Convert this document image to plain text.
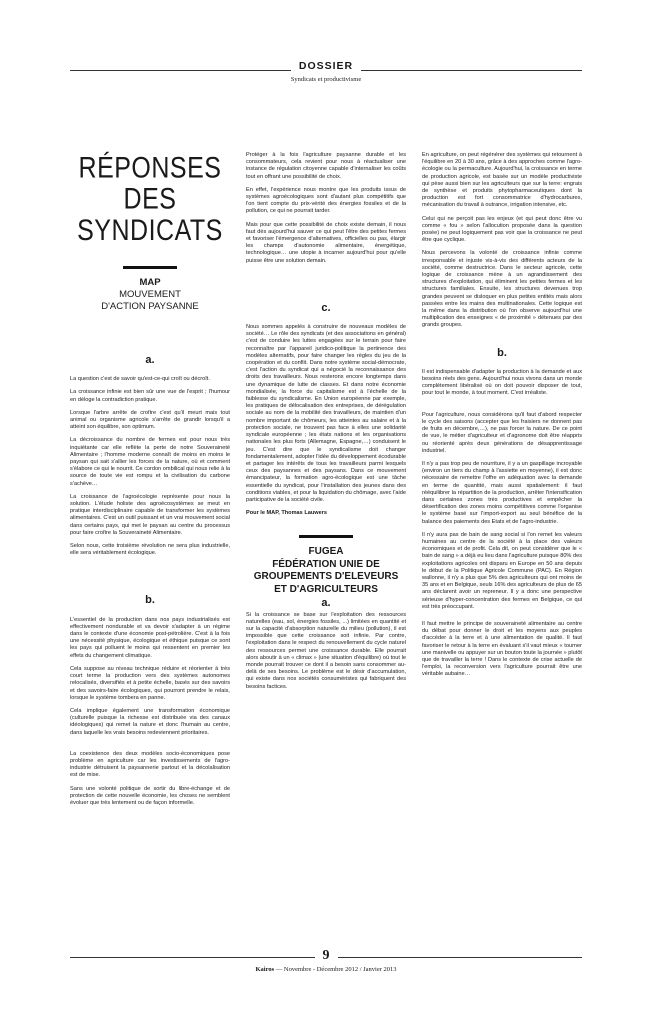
DOSSIER
Syndicats et productivisme
RÉPONSES
DES SYNDICATS
MAP
MOUVEMENT
D'ACTION PAYSANNE
a.

La question c'est de savoir qu'est-ce-qui croît ou décroît.

La croissance infinie est bien sûr une vue de l'esprit ; l'humour en déloge la contradiction pratique.

Lorsque l'arbre arrête de croître c'est qu'il meurt mais tout animal ou organisme agricole s'arrête de grandir lorsqu'il a atteint son équilibre, son optimum.

La décroissance du nombre de fermes est pour nous très inquiétante car elle reflète la perte de notre Souveraineté Alimentaire ; l'homme moderne connaît de moins en moins le paysan qui sait s'allier les forces de la nature, où et comment s'élabore ce qui le nourrit. Ce cordon ombilical qui nous relie à la source de toute vie est rompu et la civilisation du carbone s'achève…

La croissance de l'agroécologie représente pour nous la solution. L'étude holiste des agroécosystèmes se meut en pratique interdisciplinaire capable de transformer les systèmes alimentaires. C'est un outil puissant et un vrai mouvement social dans certains pays, qui met le paysan au centre du processus pour faire croître la Souveraineté Alimentaire.

Selon nous, cette troisième révolution ne sera plus industrielle, elle sera véritablement écologique.

b.

L'essentiel de la production dans nos pays industrialisés est effectivement nondurable et va devoir s'adapter à un régime dans le contexte d'une économie post-pétrolière. C'est à la fois une nécessité physique, écologique et éthique puisque ce sont les pays qui polluent le moins qui ressentent en premier les effets du changement climatique.

Cela suppose au niveau technique réduire et réorienter à très court terme la production vers des systèmes autonomes relocalisés, diversifiés et à petite échelle, basés sur des savoirs et des savoirs-faire écologiques, qui pourront prendre le relais, lorsque le système tombera en panne.

Cela implique également une transformation économique (culturelle puisque la richesse est distribuée via des canaux idéologiques) qui remet la nature et donc l'humain au centre, dans laquelle les vrais besoins redeviennent prioritaires.

La coexistence des deux modèles socio-économiques pose problème en agriculture car les investissements de l'agro-industrie détruisent la paysannerie partout et la décolalisation est de mise.

Sans une volonté politique de sortir du libre-échange et de protection de cette nouvelle économie, les choses ne semblent évoluer que très lentement ou de façon informelle.

Protéger à la fois l'agriculture paysanne durable et les consommateurs, cela revient pour nous à réactualiser une instance de régulation citoyenne capable d'internaliser les coûts tout en offrant une possibilité de choix.

En effet, l'expérience nous montre que les produits issus de systèmes agroécologiques sont d'autant plus compétitifs que l'on tient compte du prix-vérité des énergies fossiles et de la pollution, ce qui ne pourrait tarder.

Mais pour que cette possibilité de choix existe demain, il nous faut dès aujourd'hui sauver ce qui peut l'être des petites fermes et favoriser l'émergence d'alternatives, officielles ou pas, élargir les champs d'autonomie alimentaire, énergétique, technologique… une utopie à incarner aujourd'hui pour qu'elle puisse être une solution demain.

c.

Nous sommes appelés à construire de nouveaux modèles de société… Le rôle des syndicats (et des associations en général) c'est de conduire les luttes engagées sur le terrain pour faire reconnaître par l'appareil juridico-politique la pertinence des modèles alternatifs, pour faire changer les règles du jeu de la coopération et du conflit. Dans notre système social-démocrate, c'est l'action du syndicat qui a négocié la reconnaissance des droits des travailleurs. Nous resterons encore longtemps dans une dynamique de lutte de classes. Et dans notre économie mondialisée, la force du capitalisme est à l'échelle de la faiblesse du syndicalisme. En Union européenne par exemple, les pratiques de délocalisation des entreprises, de dérégulation sociale au nom de la mobilité des travailleurs, de maintien d'un nombre important de chômeurs, les atteintes au salaire et à la protection sociale, ne trouvent pas face à elles une solidarité syndicale européenne ; les états nations et les organisations nationales les plus forts (Allemagne, Espagne,…) conduisent le jeu. C'est dire que le syndicalisme doit changer fondamentalement, adopter l'idée du développement écodurable et partager les intérêts de tous les travailleurs parmi lesquels ceux des paysannes et des paysans. Dans ce mouvement émancipateur, la formation agro-écologique est une tâche essentielle du syndicat, pour l'installation des jeunes dans des conditions viables, et pour la liquidation du chômage, avec l'aide participative de la société civile.

Pour le MAP, Thomas Lauwers

FUGEA
FÉDÉRATION UNIE DE
GROUPEMENTS D'ELEVEURS
ET D'AGRICULTEURS
a.

Si la croissance se base sur l'exploitation des ressources naturelles (eau, sol, énergies fossiles, ...) limitées en quantité et sur la capacité d'absorption naturelle du milieu (pollution), il est impossible que cette croissance soit infinie. Par contre, l'exploitation dans le respect du renouvellement du cycle naturel des ressources permet une croissance durable. Elle pourrait alors aboutir à un « climax » (une situation d'équilibre) où tout le monde pourrait trouver ce dont il a besoin sans consommer au-delà de ses besoins. Le problème est le désir d'accumulation, qui existe dans nos sociétés consuméristes qui fabriquent des besoins factices.

En agriculture, on peut régénérer des systèmes qui retournent à l'équilibre en 20 à 30 ans, grâce à des approches comme l'agro-écologie ou la permaculture. Aujourd'hui, la croissance en terme de production agricole, est basée sur un modèle productiviste qui pèse aussi bien sur les agriculteurs que sur la terre: engrais de synthèse et produits phytopharmaceutiques dont la production est fort consommatrice d'hydrocarbures, mécanisation du travail à outrance, irrigation intensive, etc.

Celui qui ne perçoit pas les enjeux (et qui peut donc être vu comme « fou » selon l'allocution proposée dans la question posée) ne peut logiquement pas voir que la croissance ne peut être que cyclique.

Nous percevons la volonté de croissance infinie comme irresponsable et injuste vis-à-vis des différents acteurs de la société, comme destructrice. Dans le secteur agricole, cette logique de croissance mène à un agrandissement des structures d'exploitation, qui éliminent les petites fermes et les structures familiales. Ensuite, les structures devenues trop grandes peuvent se disloquer en plus petites entités mais alors passées entre les mains des multinationales. Cette logique est la même dans la distribution où l'on observe aujourd'hui une multiplication des enseignes « de proximité » détenues par des grands groupes.

b.

Il est indispensable d'adapter la production à la demande et aux besoins réels des gens. Aujourd'hui nous vivons dans un monde complètement libéralisé où on doit pouvoir disposer de tout, pour tout le monde, à tout moment. C'est irréaliste.

Pour l'agriculture, nous considérons qu'il faut d'abord respecter le cycle des saisons (accepter que les fraisiers ne donnent pas de fruits en décembre,…), ne pas forcer la nature. De ce point de vue, le métier d'agriculteur et d'agronome doit être réappris ou réorienté après deux générations de désapprentissage industriel.

Il n'y a pas trop peu de nourriture, il y a un gaspillage incroyable (environ un tiers du champ à l'assiette en moyenne), il est donc nécessaire de remettre l'offre en adéquation avec la demande en terme de quantité, mais aussi spatialement: il faut rééquilibrer la répartition de la production, arrêter l'intensification dans certaines zones très productives et empêcher la désertification des zones moins compétitives comme l'organise le système basé sur l'import-export au seul bénéfice de la balance des paiements des Etats et de l'agro-industrie.

Il n'y aura pas de bain de sang social si l'on remet les valeurs humaines au centre de la société à la place des valeurs économiques et de profit. Cela dit, on peut considérer que le « bain de sang » a déjà eu lieu dans l'agriculture puisque 80% des exploitations agricoles ont disparu en Europe en 50 ans depuis le début de la Politique Agricole Commune (PAC). En Région wallonne, il n'y a plus que 5% des agriculteurs qui ont moins de 35 ans et en Belgique, seuls 16% des agriculteurs de plus de 65 ans déclarent avoir un repreneur. Il y a donc une perspective sérieuse d'hyper-concentration des fermes en Belgique, ce qui est très préoccupant.

Il faut mettre le principe de souveraineté alimentaire au centre du débat pour donner le droit et les moyens aux peuples d'accéder à la terre et à une alimentation de qualité. Il faut favoriser le retour à la terre en évaluant s'il vaut mieux « tourner une manivelle ou appuyer sur un bouton toute la journée » plutôt que de travailler la terre ! Dans le contexte de crise actuelle de l'emploi, la reconversion vers l'agriculture pourrait être une véritable aubaine…

9
Kairos — Novembre - Décembre 2012 / Janvier 2013
